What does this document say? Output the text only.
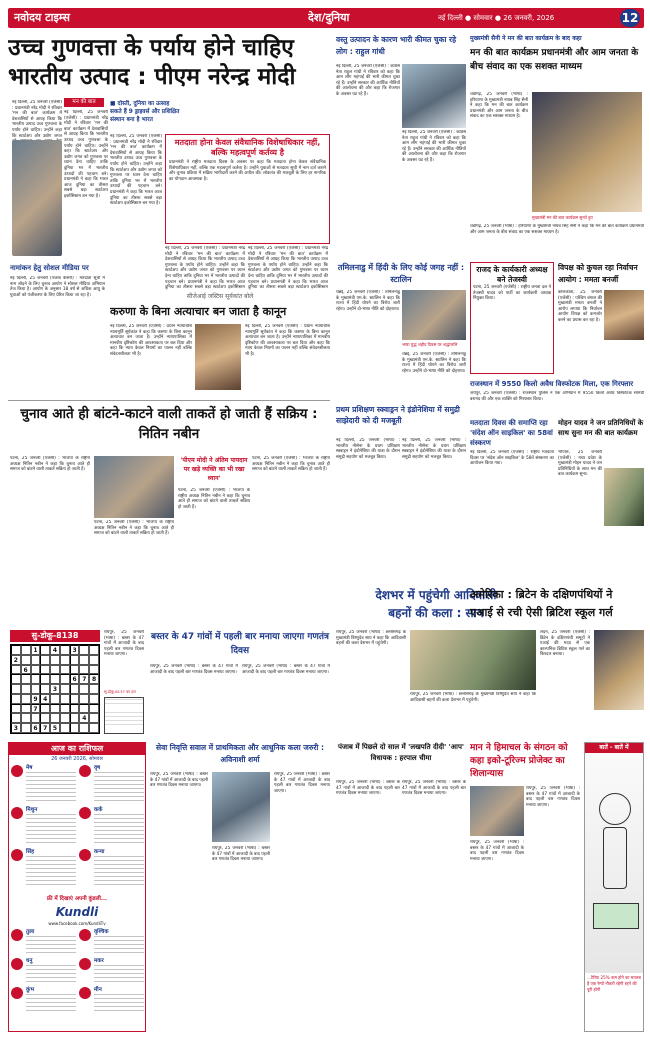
नवोदय टाइम्स	देश/दुनिया	नई दिल्ली ● सोमवार ● 26 जनवरी, 2026	12
उच्च गुणवत्ता के पर्याय होने चाहिए
भारतीय उत्पाद : पीएम नरेन्द्र मोदी
मन की बात	■ दोस्ती, दुनिया का उत्साह
सकते हैं 9 ड्राइवर्स और प्रशिक्षित
संस्थान बना है भारत
नई दिल्ली, 25 जनवरी (एजेंसी) : प्रधानमंत्री नरेंद्र मोदी ने रविवार 'मन की बात' कार्यक्रम में देशवासियों से आग्रह किया कि भारतीय उत्पाद उच्च गुणवत्ता के पर्याय होने चाहिए। उन्होंने कहा कि स्टार्टअप और उद्योग जगत
नई दिल्ली, 25 जनवरी (एजेंसी) : प्रधानमंत्री नरेंद्र मोदी ने रविवार 'मन की बात' कार्यक्रम में देशवासियों से आग्रह किया कि भारतीय उत्पाद उच्च गुणवत्ता के पर्याय होने चाहिए। उन्होंने कहा कि स्टार्टअप और उद्योग जगत को गुणवत्ता पर ध्यान देना चाहिए ताकि दुनिया भर में भारतीय उत्पादों की पहचान बने। प्रधानमंत्री ने कहा कि भारत आज दुनिया का तीसरा सबसे बड़ा स्टार्टअप इकोसिस्टम बन गया है।
मतदाता होना केवल संवैधानिक विशेषाधिकार नहीं, बल्कि महत्वपूर्ण कर्तव्य है
प्रधानमंत्री ने राष्ट्रीय मतदाता दिवस के अवसर पर कहा कि मतदाता होना केवल संवैधानिक विशेषाधिकार नहीं, बल्कि एक महत्वपूर्ण कर्तव्य है। उन्होंने युवाओं से मतदाता सूची में नाम दर्ज कराने और चुनाव प्रक्रिया में सक्रिय भागीदारी करने की अपील की। लोकतंत्र की मजबूती के लिए हर नागरिक का योगदान आवश्यक है।
नई दिल्ली, 25 जनवरी (एजेंसी) : प्रधानमंत्री नरेंद्र मोदी ने रविवार 'मन की बात' कार्यक्रम में देशवासियों से आग्रह किया कि भारतीय उत्पाद उच्च गुणवत्ता के पर्याय होने चाहिए। उन्होंने कहा कि स्टार्टअप और उद्योग जगत को गुणवत्ता पर ध्यान देना चाहिए ताकि दुनिया भर में भारतीय उत्पादों की पहचान बने। प्रधानमंत्री ने कहा कि भारत आज दुनिया का तीसरा सबसे बड़ा स्टार्टअप इकोसिस्टम बन गया है।
नई दिल्ली, 25 जनवरी (एजेंसी) : प्रधानमंत्री नरेंद्र मोदी ने रविवार 'मन की बात' कार्यक्रम में देशवासियों से आग्रह किया कि भारतीय उत्पाद उच्च गुणवत्ता के पर्याय होने चाहिए। उन्होंने कहा कि स्टार्टअप और उद्योग जगत को गुणवत्ता पर ध्यान देना चाहिए ताकि दुनिया भर में भारतीय उत्पादों की पहचान बने। प्रधानमंत्री ने कहा कि भारत आज दुनिया का तीसरा सबसे बड़ा स्टार्टअप इकोसिस्टम
नई दिल्ली, 25 जनवरी (एजेंसी) : प्रधानमंत्री नरेंद्र मोदी ने रविवार 'मन की बात' कार्यक्रम में देशवासियों से आग्रह किया कि भारतीय उत्पाद उच्च गुणवत्ता के पर्याय होने चाहिए। उन्होंने कहा कि स्टार्टअप और उद्योग जगत को गुणवत्ता पर ध्यान देना चाहिए ताकि दुनिया भर में भारतीय उत्पादों की पहचान बने। प्रधानमंत्री ने कहा कि भारत आज दुनिया का तीसरा सबसे बड़ा स्टार्टअप इकोसिस्टम
नामांकन हेतु सोशल मीडिया पर
नई दिल्ली, 25 जनवरी (पंजाब केसरी) : मतदाता सूची में नाम जोड़ने के लिए चुनाव आयोग ने सोशल मीडिया अभियान तेज किया है। आयोग के अनुसार 18 वर्ष से अधिक आयु के युवाओं को पंजीकरण के लिए प्रेरित किया जा रहा है।	सीजेआई जस्टिस सूर्यकांत बोले
करुणा के बिना अत्याचार बन जाता है कानून
नई दिल्ली, 25 जनवरी (एजेंसी) : प्रधान न्यायाधीश न्यायमूर्ति सूर्यकांत ने कहा कि करुणा के बिना कानून अत्याचार बन जाता है। उन्होंने न्यायपालिका में मानवीय दृष्टिकोण की आवश्यकता पर बल दिया और कहा कि न्याय केवल नियमों का पालन नहीं बल्कि संवेदनशीलता भी है।
नई दिल्ली, 25 जनवरी (एजेंसी) : प्रधान न्यायाधीश न्यायमूर्ति सूर्यकांत ने कहा कि करुणा के बिना कानून अत्याचार बन जाता है। उन्होंने न्यायपालिका में मानवीय दृष्टिकोण की आवश्यकता पर बल दिया और कहा कि न्याय केवल नियमों का पालन नहीं बल्कि संवेदनशीलता भी है।
वस्तु उत्पादन के कारण भारी कीमत चुका रहे लोग : राहुल गांधी
नई दिल्ली, 25 जनवरी (एजेंसी) : कांग्रेस नेता राहुल गांधी ने रविवार को कहा कि आम लोग महंगाई की भारी कीमत चुका रहे हैं। उन्होंने सरकार की आर्थिक नीतियों की आलोचना की और कहा कि रोजगार के अवसर घट रहे हैं।
नई दिल्ली, 25 जनवरी (एजेंसी) : कांग्रेस नेता राहुल गांधी ने रविवार को कहा कि आम लोग महंगाई की भारी कीमत चुका रहे हैं। उन्होंने सरकार की आर्थिक नीतियों की आलोचना की और कहा कि रोजगार के अवसर घट रहे हैं।
तमिलनाडु में हिंदी के लिए कोई जगह नहीं : स्टालिन
चेन्नई, 25 जनवरी (एजेंसी) : तमिलनाडु के मुख्यमंत्री एम.के. स्टालिन ने कहा कि राज्य में हिंदी थोपने का विरोध जारी रहेगा। उन्होंने दो-भाषा नीति को दोहराया।
भाषा युद्ध शहीद दिवस पर श्रद्धांजलि
चेन्नई, 25 जनवरी (एजेंसी) : तमिलनाडु के मुख्यमंत्री एम.के. स्टालिन ने कहा कि राज्य में हिंदी थोपने का विरोध जारी रहेगा। उन्होंने दो-भाषा नीति को दोहराया।
मुख्यमंत्री सैनी ने मन की बात कार्यक्रम के बाद कहा
मन की बात कार्यक्रम प्रधानमंत्री और आम जनता के बीच संवाद का एक सशक्त माध्यम
चंडीगढ़, 25 जनवरी (भाषा) : हरियाणा के मुख्यमंत्री नायब सिंह सैनी ने कहा कि मन की बात कार्यक्रम प्रधानमंत्री और आम जनता के बीच संवाद का एक सशक्त माध्यम है।
मुख्यमंत्री मन की बात कार्यक्रम सुनते हुए
चंडीगढ़, 25 जनवरी (भाषा) : हरियाणा के मुख्यमंत्री नायब सिंह सैनी ने कहा कि मन की बात कार्यक्रम प्रधानमंत्री और आम जनता के बीच संवाद का एक सशक्त माध्यम है।
राजद के कार्यकारी अध्यक्ष बने तेजस्वी
पटना, 25 जनवरी (एजेंसी) : राष्ट्रीय जनता दल ने तेजस्वी यादव को पार्टी का कार्यकारी अध्यक्ष नियुक्त किया।
विपक्ष को कुचल रहा निर्वाचन आयोग : ममता बनर्जी
कोलकाता, 25 जनवरी (एजेंसी) : पश्चिम बंगाल की मुख्यमंत्री ममता बनर्जी ने आरोप लगाया कि निर्वाचन आयोग विपक्ष को कमजोर करने का प्रयास कर रहा है।
राजस्थान में 9550 किलो अवैध विस्फोटक मिला, एक गिरफ्तार
जयपुर, 25 जनवरी (एजेंसी) : राजस्थान पुलिस ने एक अभियान में 9550 किलो अवैध विस्फोटक सामग्री बरामद की और एक व्यक्ति को गिरफ्तार किया।
चुनाव आते ही बांटने-काटने वाली ताकतें हो जाती हैं सक्रिय : नितिन नबीन
पटना, 25 जनवरी (एजेंसी) : भाजपा के राष्ट्रीय अध्यक्ष नितिन नबीन ने कहा कि चुनाव आते ही समाज को बांटने वाली ताकतें सक्रिय हो जाती हैं।
पटना, 25 जनवरी (एजेंसी) : भाजपा के राष्ट्रीय अध्यक्ष नितिन नबीन ने कहा कि चुनाव आते ही समाज को बांटने वाली ताकतें सक्रिय हो जाती हैं।
'पीएम मोदी ने अंतिम पायदान पर खड़े व्यक्ति का भी रखा ध्यान'
पटना, 25 जनवरी (एजेंसी) : भाजपा के राष्ट्रीय अध्यक्ष नितिन नबीन ने कहा कि चुनाव आते ही समाज को बांटने वाली ताकतें सक्रिय हो जाती हैं।
पटना, 25 जनवरी (एजेंसी) : भाजपा के राष्ट्रीय अध्यक्ष नितिन नबीन ने कहा कि चुनाव आते ही समाज को बांटने वाली ताकतें सक्रिय हो जाती हैं।
प्रथम प्रशिक्षण स्क्वाड्रन ने इंडोनेशिया में समुद्री साझेदारी को दी मजबूती
नई दिल्ली, 25 जनवरी (भाषा) : भारतीय नौसेना के प्रथम प्रशिक्षण स्क्वाड्रन ने इंडोनेशिया की यात्रा के दौरान समुद्री सहयोग को मजबूत किया।
नई दिल्ली, 25 जनवरी (भाषा) : भारतीय नौसेना के प्रथम प्रशिक्षण स्क्वाड्रन ने इंडोनेशिया की यात्रा के दौरान समुद्री सहयोग को मजबूत किया।
मतदाता दिवस की समाप्ति रहा 'संदेश ऑन साइकिल' का 58वां संस्करण
नई दिल्ली, 25 जनवरी (एजेंसी) : राष्ट्रीय मतदाता दिवस पर 'संदेश ऑन साइकिल' के 58वें संस्करण का आयोजन किया गया।
मोहन यादव ने जन प्रतिनिधियों के साथ सुना मन की बात कार्यक्रम
भोपाल, 25 जनवरी (एजेंसी) : मध्य प्रदेश के मुख्यमंत्री मोहन यादव ने जन प्रतिनिधियों के साथ मन की बात कार्यक्रम सुना।
देशभर में पहुंचेगी आदिवासी
बहनों की कला : साय
रायपुर, 25 जनवरी (भाषा) : छत्तीसगढ़ के मुख्यमंत्री विष्णुदेव साय ने कहा कि आदिवासी बहनों की कला देशभर में पहुंचेगी।
रायपुर, 25 जनवरी (भाषा) : छत्तीसगढ़ के मुख्यमंत्री विष्णुदेव साय ने कहा कि आदिवासी बहनों की कला देशभर में पहुंचेगी।
अमेरिका : ब्रिटेन के दक्षिणपंथियों ने
एआई से रची ऐसी ब्रिटिश स्कूल गर्ल
लंदन, 25 जनवरी (एजेंसी) : ब्रिटेन के दक्षिणपंथी समूहों ने एआई की मदद से एक काल्पनिक ब्रिटिश स्कूल गर्ल का किरदार बनाया।
सु-डोकू-8138
1	4	3
2
6
6 7 8
3
9 4
7
4
3	6 7 5
रायपुर, 25 जनवरी (भाषा) : बस्तर के 47 गांवों में आजादी के बाद पहली बार गणतंत्र दिवस मनाया जाएगा।
सु-डोकू-8137 का हल
बस्तर के 47 गांवों में पहली बार मनाया जाएगा गणतंत्र दिवस
रायपुर, 25 जनवरी (भाषा) : बस्तर के 47 गांवों में आजादी के बाद पहली बार गणतंत्र दिवस मनाया जाएगा।
रायपुर, 25 जनवरी (भाषा) : बस्तर के 47 गांवों में आजादी के बाद पहली बार गणतंत्र दिवस मनाया जाएगा।
आज का राशिफल
26 जनवरी 2026, सोमवार
मेष	वृष
मिथुन	कर्क
सिंह	कन्या
फ्री में दिखाएं अपनी कुंडली...
Kundli
www.facebook.com/KundliTv
तुला	वृश्चिक
धनु	मकर
कुंभ	मीन
सेवा निवृत्ति सवाल में प्राथमिकता और आधुनिक कला जरुरी : अविनाशी शर्मा
रायपुर, 25 जनवरी (भाषा) : बस्तर के 47 गांवों में आजादी के बाद पहली बार गणतंत्र दिवस मनाया जाएगा।
रायपुर, 25 जनवरी (भाषा) : बस्तर के 47 गांवों में आजादी के बाद पहली बार गणतंत्र दिवस मनाया जाएगा।
रायपुर, 25 जनवरी (भाषा) : बस्तर के 47 गांवों में आजादी के बाद पहली बार गणतंत्र दिवस मनाया जाएगा।
पंजाब में पिछले दो साल में 'लखपति दीदी' 'आप' विधायक : हरपाल चीमा
रायपुर, 25 जनवरी (भाषा) : बस्तर के 47 गांवों में आजादी के बाद पहली बार गणतंत्र दिवस मनाया जाएगा।
रायपुर, 25 जनवरी (भाषा) : बस्तर के 47 गांवों में आजादी के बाद पहली बार गणतंत्र दिवस मनाया जाएगा।
मान ने हिमाचल के संगठन को कहा इको-टूरिज्म प्रोजेक्ट का शिलान्यास
रायपुर, 25 जनवरी (भाषा) : बस्तर के 47 गांवों में आजादी के बाद पहली बार गणतंत्र दिवस मनाया जाएगा।
रायपुर, 25 जनवरी (भाषा) : बस्तर के 47 गांवों में आजादी के बाद पहली बार गणतंत्र दिवस मनाया जाएगा।
बातें - बातें में
...टैरिफ 25% कम होने का मतलब है एक रेम्पो नौकरी रहेगी रहने की पूरी होगी
